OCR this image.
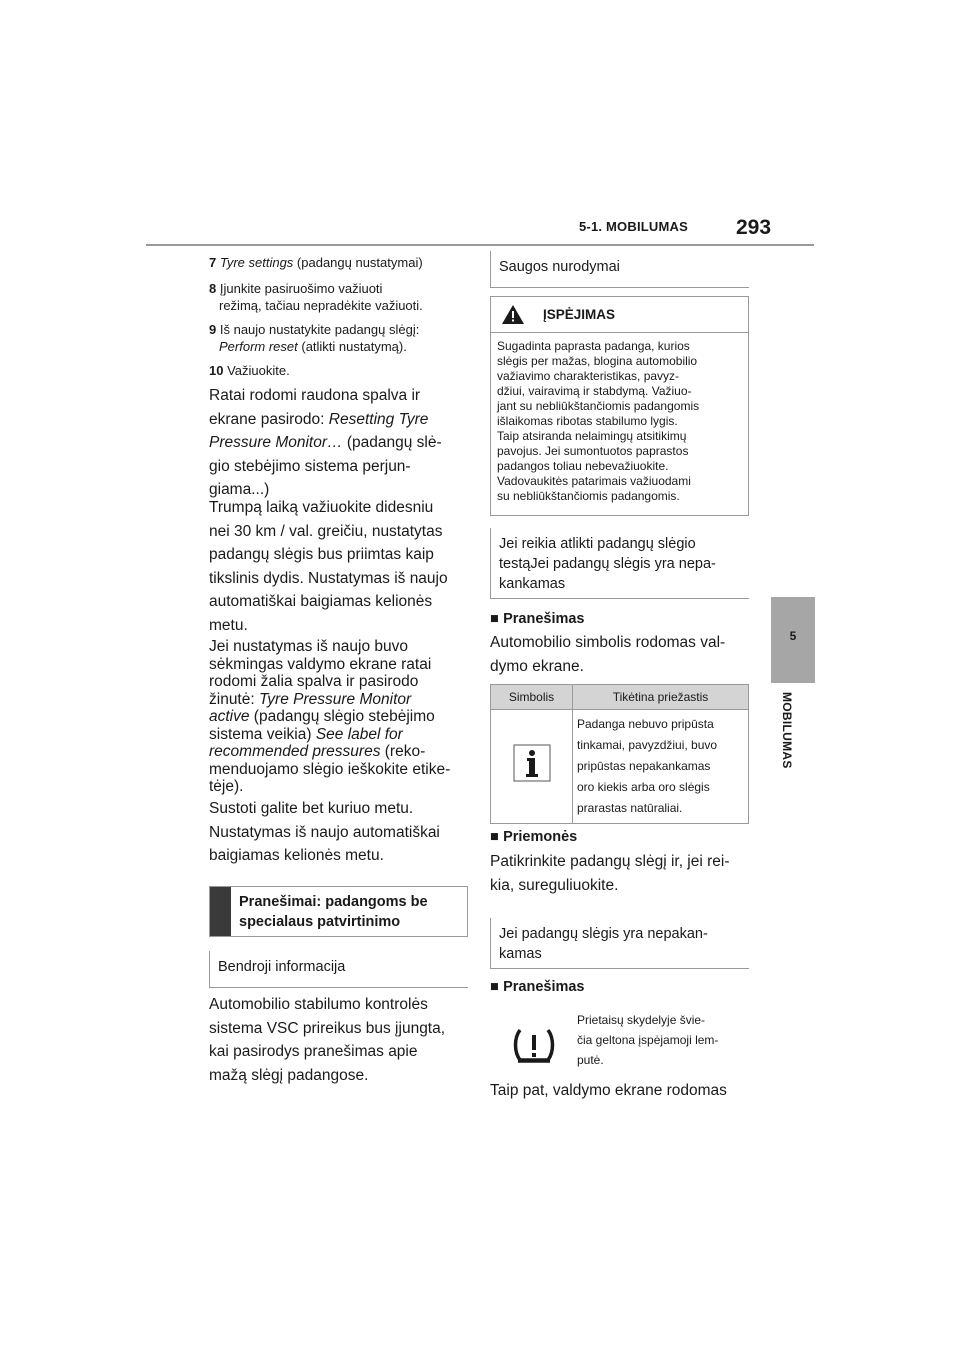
5-1. MOBILUMAS 293
5
MOBILUMAS
7 Tyre settings (padangų nustatymai)
8 Įjunkite pasiruošimo važiuoti
režimą, tačiau nepradėkite važiuoti.
9 Iš naujo nustatykite padangų slėgį:
Perform reset (atlikti nustatymą).
10 Važiuokite.
Ratai rodomi raudona spalva ir
ekrane pasirodo: Resetting Tyre
Pressure Monitor… (padangų slė-
gio stebėjimo sistema perjun-
giama...)
Trumpą laiką važiuokite didesniu
nei 30 km / val. greičiu, nustatytas
padangų slėgis bus priimtas kaip
tikslinis dydis. Nustatymas iš naujo
automatiškai baigiamas kelionės
metu.
Jei nustatymas iš naujo buvo
sėkmingas valdymo ekrane ratai
rodomi žalia spalva ir pasirodo
žinutė: Tyre Pressure Monitor
active (padangų slėgio stebėjimo
sistema veikia) See label for
recommended pressures (reko-
menduojamo slėgio ieškokite etike-
tėje).
Sustoti galite bet kuriuo metu.
Nustatymas iš naujo automatiškai
baigiamas kelionės metu.
Pranešimai: padangoms be
specialaus patvirtinimo
Bendroji informacija
Automobilio stabilumo kontrolės
sistema VSC prireikus bus įjungta,
kai pasirodys pranešimas apie
mažą slėgį padangose.
Saugos nurodymai
ĮSPĖJIMAS
Sugadinta paprasta padanga, kurios
slėgis per mažas, blogina automobilio
važiavimo charakteristikas, pavyz-
džiui, vairavimą ir stabdymą. Važiuo-
jant su nebliūkštančiomis padangomis
išlaikomas ribotas stabilumo lygis.
Taip atsiranda nelaimingų atsitikimų
pavojus. Jei sumontuotos paprastos
padangos toliau nebevažiuokite.
Vadovaukitės patarimais važiuodami
su nebliūkštančiomis padangomis.
Jei reikia atlikti padangų slėgio
testąJei padangų slėgis yra nepa-
kankamas
■ Pranešimas
Automobilio simbolis rodomas val-
dymo ekrane.
Simbolis	Tikėtina priežastis

Padanga nebuvo pripūsta
tinkamai, pavyzdžiui, buvo
pripūstas nepakankamas
oro kiekis arba oro slėgis
prarastas natūraliai.
■ Priemonės
Patikrinkite padangų slėgį ir, jei rei-
kia, sureguliuokite.
Jei padangų slėgis yra nepakan-
kamas
■ Pranešimas
Prietaisų skydelyje švie-
čia geltona įspėjamoji lem-
putė.
Taip pat, valdymo ekrane rodomas
